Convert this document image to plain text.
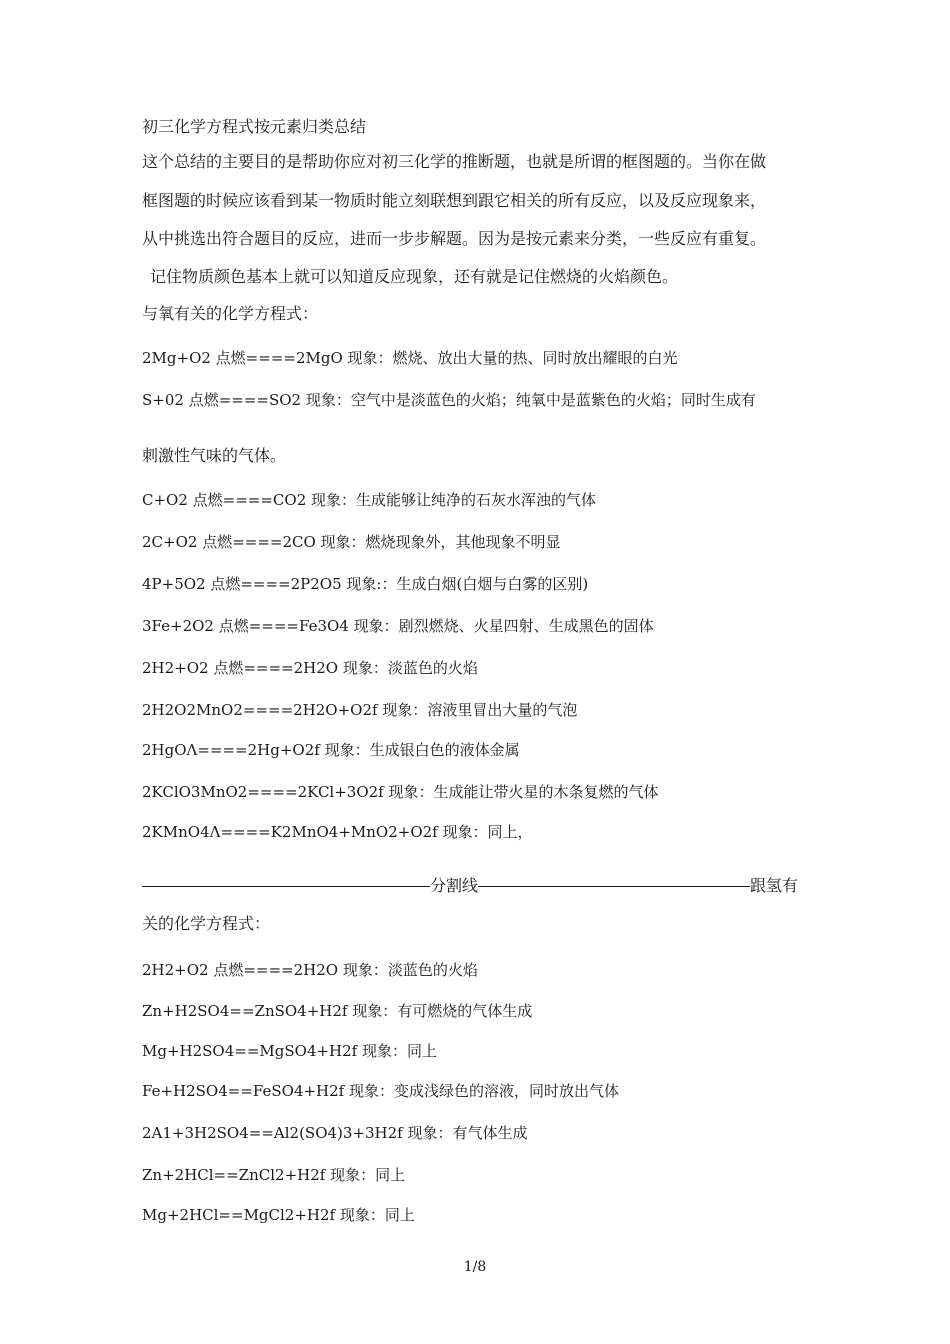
初三化学方程式按元素归类总结
这个总结的主要目的是帮助你应对初三化学的推断题，也就是所谓的框图题的。当你在做
框图题的时候应该看到某一物质时能立刻联想到跟它相关的所有反应，以及反应现象来，
从中挑选出符合题目的反应，进而一步步解题。因为是按元素来分类，一些反应有重复。
记住物质颜色基本上就可以知道反应现象，还有就是记住燃烧的火焰颜色。
与氧有关的化学方程式：
2Mg+O2 点燃====2MgO 现象：燃烧、放出大量的热、同时放出耀眼的白光
S+02 点燃====SO2 现象：空气中是淡蓝色的火焰；纯氧中是蓝紫色的火焰；同时生成有
刺激性气味的气体。
C+O2 点燃====CO2 现象：生成能够让纯净的石灰水浑浊的气体
2C+O2 点燃====2CO 现象：燃烧现象外，其他现象不明显
4P+5O2 点燃====2P2O5 现象:：生成白烟(白烟与白雾的区别)
3Fe+2O2 点燃====Fe3O4 现象：剧烈燃烧、火星四射、生成黑色的固体
2H2+O2 点燃====2H2O 现象：淡蓝色的火焰
2H2O2MnO2====2H2O+O2f 现象：溶液里冒出大量的气泡
2HgOΛ====2Hg+O2f 现象：生成银白色的液体金属
2KClO3MnO2====2KCl+3O2f 现象：生成能让带火星的木条复燃的气体
2KMnO4Λ====K2MnO4+MnO2+O2f 现象：同上，
分割线	跟氢有
关的化学方程式：
2H2+O2 点燃====2H2O 现象：淡蓝色的火焰
Zn+H2SO4==ZnSO4+H2f 现象：有可燃烧的气体生成
Mg+H2SO4==MgSO4+H2f 现象：同上
Fe+H2SO4==FeSO4+H2f 现象：变成浅绿色的溶液，同时放出气体
2A1+3H2SO4==Al2(SO4)3+3H2f 现象：有气体生成
Zn+2HCl==ZnCl2+H2f 现象：同上
Mg+2HCl==MgCl2+H2f 现象：同上
1/8
